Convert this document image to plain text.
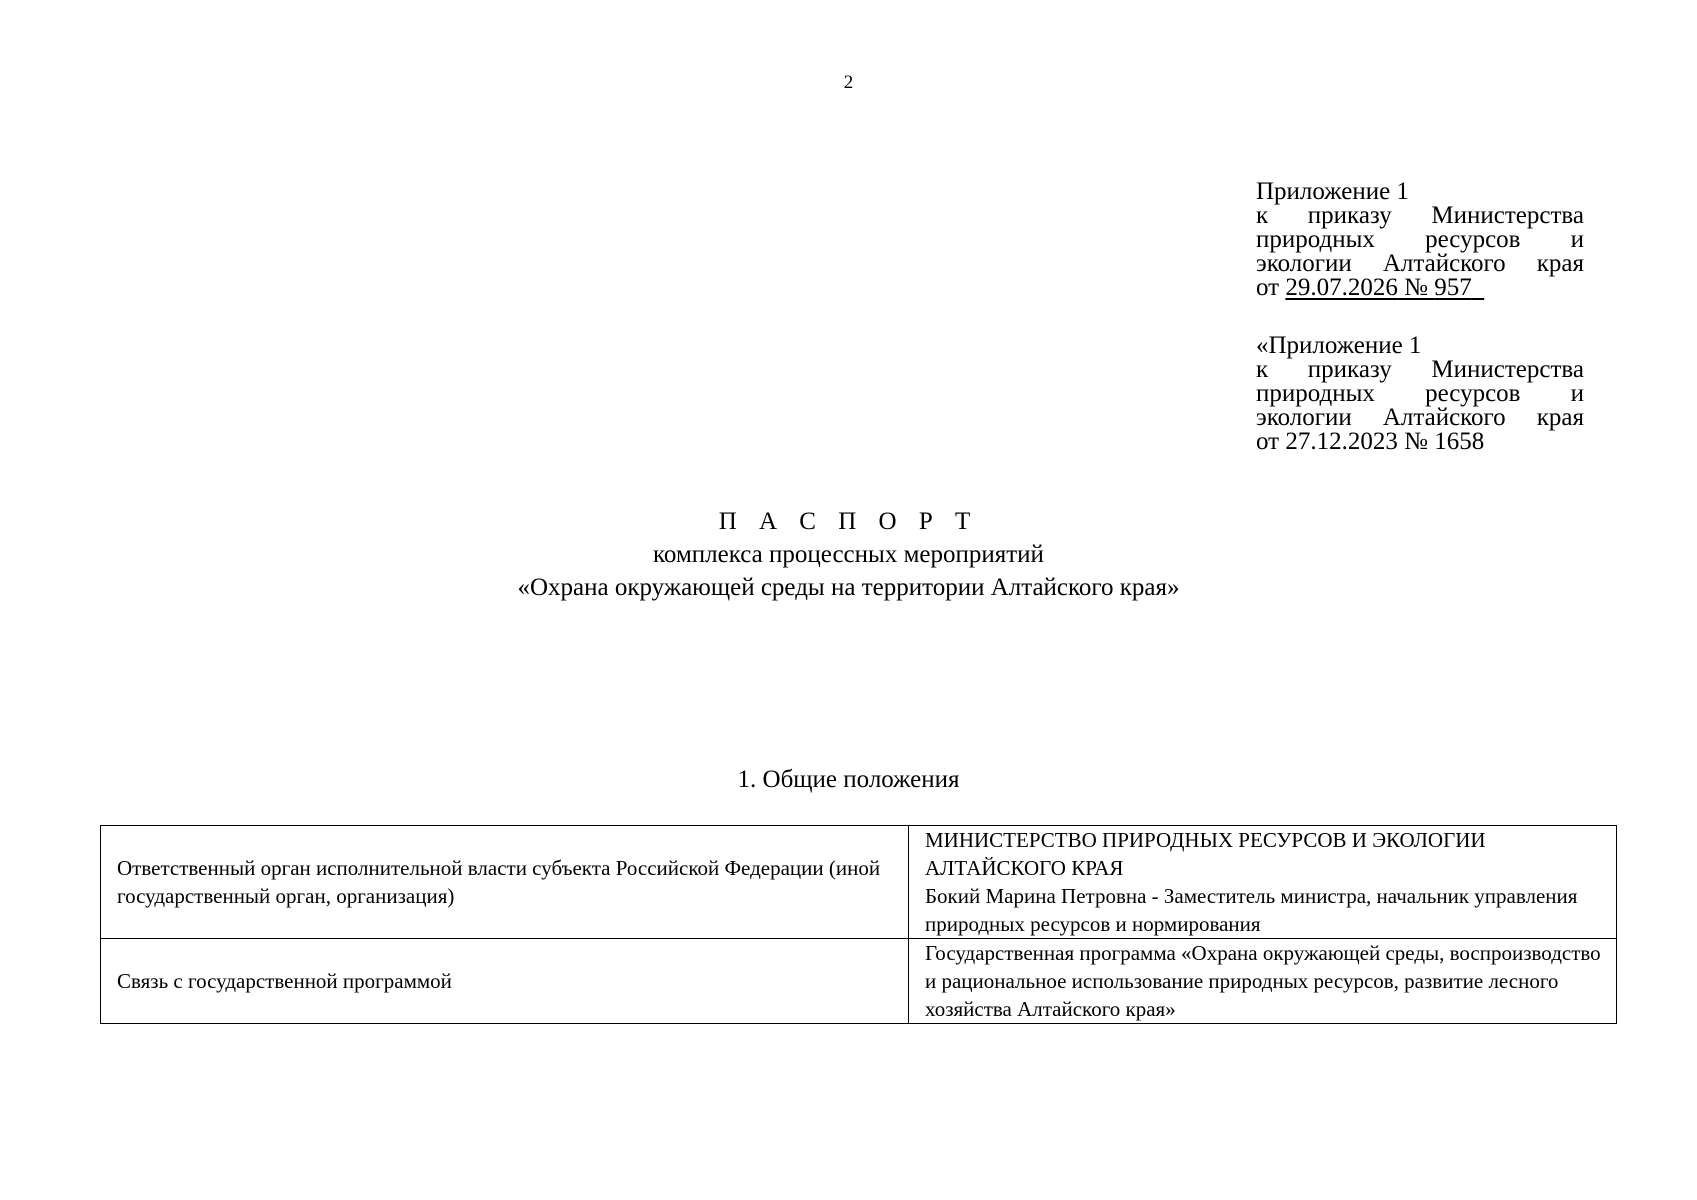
2
Приложение 1
к приказу Министерства
природных ресурсов и
экологии Алтайского края
от 29.07.2026 № 957
«Приложение 1
к приказу Министерства
природных ресурсов и
экологии Алтайского края
от 27.12.2023 № 1658
П А С П О Р Т
комплекса процессных мероприятий
«Охрана окружающей среды на территории Алтайского края»
1. Общие положения
Ответственный орган исполнительной власти субъекта Российской Федерации (иной государственный орган, организация)	МИНИСТЕРСТВО ПРИРОДНЫХ РЕСУРСОВ И ЭКОЛОГИИ АЛТАЙСКОГО КРАЯ
Бокий Марина Петровна - Заместитель министра, начальник управления природных ресурсов и нормирования

Связь с государственной программой	Государственная программа «Охрана окружающей среды, воспроизводство и рациональное использование природных ресурсов, развитие лесного хозяйства Алтайского края»
